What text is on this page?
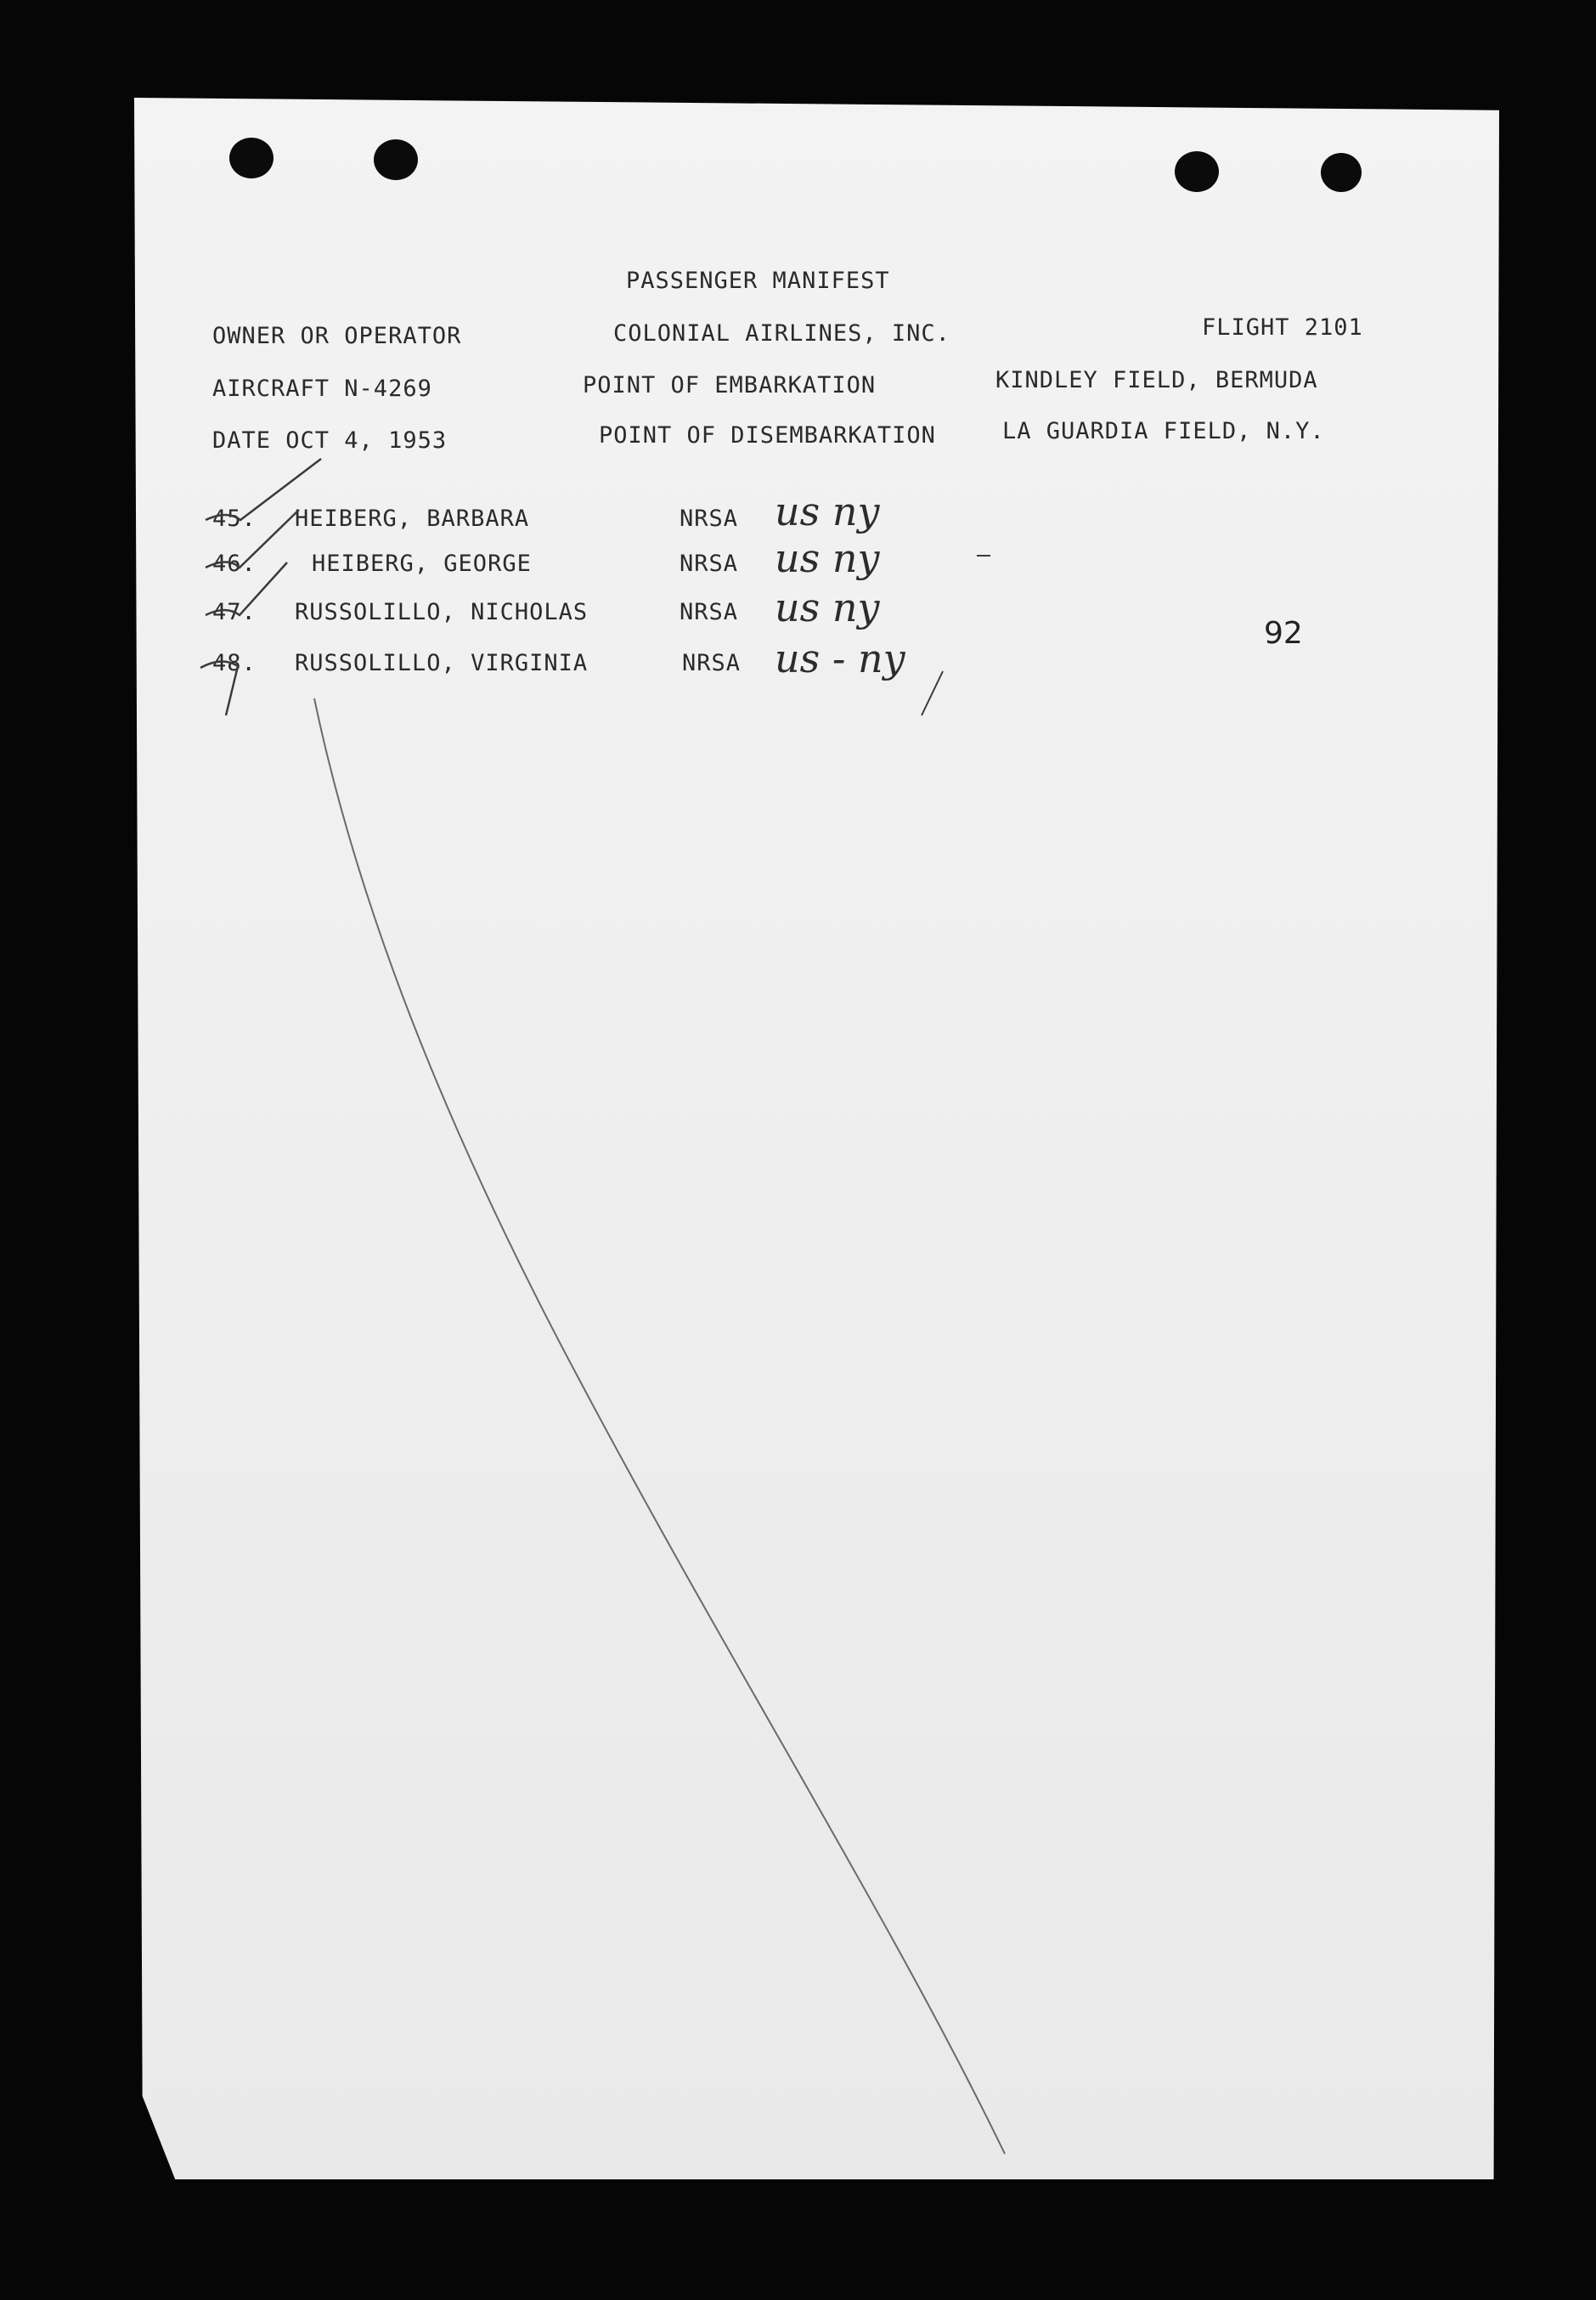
PASSENGER MANIFEST
OWNER OR OPERATOR	COLONIAL AIRLINES, INC.	FLIGHT 2101
AIRCRAFT N-4269	POINT OF EMBARKATION	KINDLEY FIELD, BERMUDA
DATE OCT 4, 1953	POINT OF DISEMBARKATION	LA GUARDIA FIELD, N.Y.
45. HEIBERG, BARBARA	NRSA us ny
46. HEIBERG, GEORGE	NRSA us ny
47. RUSSOLILLO, NICHOLAS	NRSA us ny
48. RUSSOLILLO, VIRGINIA	NRSA us - ny
92
